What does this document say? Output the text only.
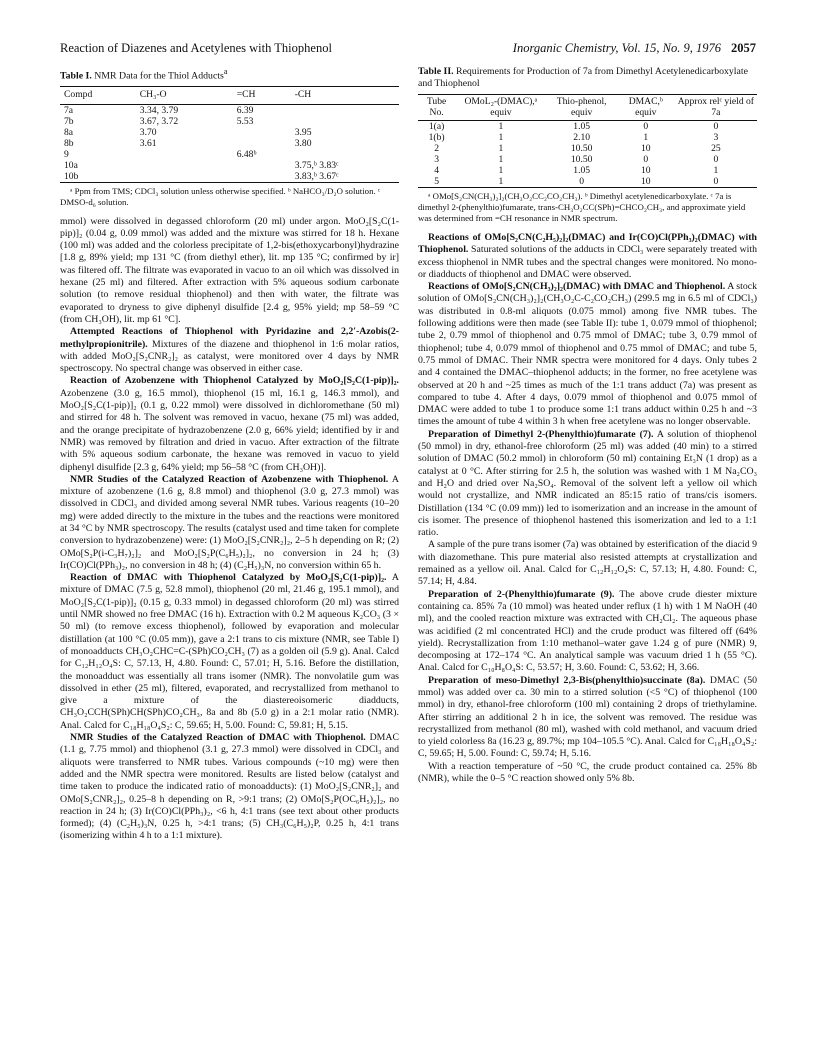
Reaction of Diazenes and Acetylenes with Thiophenol	Inorganic Chemistry, Vol. 15, No. 9, 1976 2057
Table I. NMR Data for the Thiol Adducts$^a$
Compd	CH₃-O	=CH	-CH
7a	3.34, 3.79	6.39	
7b	3.67, 3.72	5.53	
8a	3.70		3.95
8b	3.61		3.80
9		6.48ᵇ	
10a			3.75,ᵇ 3.83ᶜ
10b			3.83,ᵇ 3.67ᶜ
ᵃ Ppm from TMS; CDCl₃ solution unless otherwise specified. ᵇ NaHCO₃/D₂O solution. ᶜ DMSO-d₆ solution.

mmol) were dissolved in degassed chloroform (20 ml) under argon. MoO₂[S₂C(1-pip)]₂ (0.04 g, 0.09 mmol) was added and the mixture was stirred for 18 h. Hexane (100 ml) was added and the colorless precipitate of 1,2-bis(ethoxycarbonyl)hydrazine [1.8 g, 89% yield; mp 131 °C (from diethyl ether), lit. mp 135 °C; confirmed by ir] was filtered off. The filtrate was evaporated in vacuo to an oil which was dissolved in hexane (25 ml) and filtered. After extraction with 5% aqueous sodium carbonate solution (to remove residual thiophenol) and then with water, the filtrate was evaporated to dryness to give diphenyl disulfide [2.4 g, 95% yield; mp 58–59 °C (from CH₃OH), lit. mp 61 °C].

Attempted Reactions of Thiophenol with Pyridazine and 2,2′-Azobis(2-methylpropionitrile). Mixtures of the diazene and thiophenol in 1:6 molar ratios, with added MoO₂[S₂CNR₂]₂ as catalyst, were monitored over 4 days by NMR spectroscopy. No spectral change was observed in either case.

Reaction of Azobenzene with Thiophenol Catalyzed by MoO₂[S₂C(1-pip)]₂. Azobenzene (3.0 g, 16.5 mmol), thiophenol (15 ml, 16.1 g, 146.3 mmol), and MoO₂[S₂C(1-pip)]₂ (0.1 g, 0.22 mmol) were dissolved in dichloromethane (50 ml) and stirred for 48 h. The solvent was removed in vacuo, hexane (75 ml) was added, and the orange precipitate of hydrazobenzene (2.0 g, 66% yield; identified by ir and NMR) was removed by filtration and dried in vacuo. After extraction of the filtrate with 5% aqueous sodium carbonate, the hexane was removed in vacuo to yield diphenyl disulfide [2.3 g, 64% yield; mp 56–58 °C (from CH₃OH)].

NMR Studies of the Catalyzed Reaction of Azobenzene with Thiophenol. A mixture of azobenzene (1.6 g, 8.8 mmol) and thiophenol (3.0 g, 27.3 mmol) was dissolved in CDCl₃ and divided among several NMR tubes. Various reagents (10–20 mg) were added directly to the mixture in the tubes and the reactions were monitored at 34 °C by NMR spectroscopy. The results (catalyst used and time taken for complete conversion to hydrazobenzene) were: (1) MoO₂[S₂CNR₂]₂, 2–5 h depending on R; (2) OMo[S₂P(i-C₃H₇)₂]₂ and MoO₂[S₂P(C₆H₅)₂]₂, no conversion in 24 h; (3) Ir(CO)Cl(PPh₃)₂, no conversion in 48 h; (4) (C₂H₅)₃N, no conversion within 65 h.

Reaction of DMAC with Thiophenol Catalyzed by MoO₂[S₂C(1-pip)]₂. A mixture of DMAC (7.5 g, 52.8 mmol), thiophenol (20 ml, 21.46 g, 195.1 mmol), and MoO₂[S₂C(1-pip)]₂ (0.15 g, 0.33 mmol) in degassed chloroform (20 ml) was stirred until NMR showed no free DMAC (16 h). Extraction with 0.2 M aqueous K₂CO₃ (3 × 50 ml) (to remove excess thiophenol), followed by evaporation and molecular distillation (at 100 °C (0.05 mm)), gave a 2:1 trans to cis mixture (NMR, see Table I) of monoadducts CH₃O₂CHC=C-(SPh)CO₂CH₃ (7) as a golden oil (5.9 g). Anal. Calcd for C₁₂H₁₂O₄S: C, 57.13, H, 4.80. Found: C, 57.01; H, 5.16. Before the distillation, the monoadduct was essentially all trans isomer (NMR). The nonvolatile gum was dissolved in ether (25 ml), filtered, evaporated, and recrystallized from methanol to give a mixture of the diastereoisomeric diadducts, CH₃O₂CCH(SPh)CH(SPh)CO₂CH₃, 8a and 8b (5.0 g) in a 2:1 molar ratio (NMR). Anal. Calcd for C₁₈H₁₈O₄S₂: C, 59.65; H, 5.00. Found: C, 59.81; H, 5.15.

NMR Studies of the Catalyzed Reaction of DMAC with Thiophenol. DMAC (1.1 g, 7.75 mmol) and thiophenol (3.1 g, 27.3 mmol) were dissolved in CDCl₃ and aliquots were transferred to NMR tubes. Various compounds (~10 mg) were then added and the NMR spectra were monitored. Results are listed below (catalyst and time taken to produce the indicated ratio of monoadducts): (1) MoO₂[S₂CNR₂]₂ and OMo[S₂CNR₂]₂, 0.25–8 h depending on R, >9:1 trans; (2) OMo[S₂P(OC₆H₅)₂]₂, no reaction in 24 h; (3) Ir(CO)Cl(PPh₃)₂, <6 h, 4:1 trans (see text about other products formed); (4) (C₂H₅)₃N, 0.25 h, >4:1 trans; (5) CH₃(C₆H₅)₂P, 0.25 h, 4:1 trans (isomerizing within 4 h to a 1:1 mixture).

Table II. Requirements for Production of 7a from Dimethyl Acetylenedicarboxylate and Thiophenol
Tube No.	OMoL₂-(DMAC),ᵃ equiv	Thio-phenol, equiv	DMAC,ᵇ equiv	Approx relᶜ yield of 7a
1(a)	1	1.05	0	0
1(b)	1	2.10	1	3
2	1	10.50	10	25
3	1	10.50	0	0
4	1	1.05	10	1
5	1	0	10	0
ᵃ OMo[S₂CN(CH₃)₂]₂(CH₃O₂CC₂CO₂CH₃). ᵇ Dimethyl acetylenedicarboxylate. ᶜ 7a is dimethyl 2-(phenylthio)fumarate, trans-CH₃O₂CC(SPh)=CHCO₂CH₃, and approximate yield was determined from =CH resonance in NMR spectrum.

Reactions of OMo[S₂CN(C₂H₅)₂]₂(DMAC) and Ir(CO)Cl(PPh₃)₂(DMAC) with Thiophenol. Saturated solutions of the adducts in CDCl₃ were separately treated with excess thiophenol in NMR tubes and the spectral changes were monitored. No mono- or diadducts of thiophenol and DMAC were observed.

Reactions of OMo[S₂CN(CH₃)₂]₂(DMAC) with DMAC and Thiophenol. A stock solution of OMo[S₂CN(CH₃)₂]₂(CH₃O₂C-C₂CO₂CH₃) (299.5 mg in 6.5 ml of CDCl₃) was distributed in 0.8-ml aliquots (0.075 mmol) among five NMR tubes. The following additions were then made (see Table II): tube 1, 0.079 mmol of thiophenol; tube 2, 0.79 mmol of thiophenol and 0.75 mmol of DMAC; tube 3, 0.79 mmol of thiophenol; tube 4, 0.079 mmol of thiophenol and 0.75 mmol of DMAC; and tube 5, 0.75 mmol of DMAC. Their NMR spectra were monitored for 4 days. Only tubes 2 and 4 contained the DMAC–thiophenol adducts; in the former, no free acetylene was observed at 20 h and ~25 times as much of the 1:1 trans adduct (7a) was present as compared to tube 4. After 4 days, 0.079 mmol of thiophenol and 0.075 mmol of DMAC were added to tube 1 to produce some 1:1 trans adduct within 0.25 h and ~3 times the amount of tube 4 within 3 h when free acetylene was no longer observable.

Preparation of Dimethyl 2-(Phenylthio)fumarate (7). A solution of thiophenol (50 mmol) in dry, ethanol-free chloroform (25 ml) was added (40 min) to a stirred solution of DMAC (50.2 mmol) in chloroform (50 ml) containing Et₃N (1 drop) as a catalyst at 0 °C. After stirring for 2.5 h, the solution was washed with 1 M Na₂CO₃ and H₂O and dried over Na₂SO₄. Removal of the solvent left a yellow oil which would not crystallize, and NMR indicated an 85:15 ratio of trans/cis isomers. Distillation (134 °C (0.09 mm)) led to isomerization and an increase in the amount of cis isomer. The presence of thiophenol hastened this isomerization and led to a 1:1 ratio.

A sample of the pure trans isomer (7a) was obtained by esterification of the diacid 9 with diazomethane. This pure material also resisted attempts at crystallization and remained as a yellow oil. Anal. Calcd for C₁₂H₁₂O₄S: C, 57.13; H, 4.80. Found: C, 57.14; H, 4.84.

Preparation of 2-(Phenylthio)fumarate (9). The above crude diester mixture containing ca. 85% 7a (10 mmol) was heated under reflux (1 h) with 1 M NaOH (40 ml), and the cooled reaction mixture was extracted with CH₂Cl₂. The aqueous phase was acidified (2 ml concentrated HCl) and the crude product was filtered off (64% yield). Recrystallization from 1:10 methanol–water gave 1.24 g of pure (NMR) 9, decomposing at 172–174 °C. An analytical sample was vacuum dried 1 h (55 °C). Anal. Calcd for C₁₀H₈O₄S: C, 53.57; H, 3.60. Found: C, 53.62; H, 3.66.

Preparation of meso-Dimethyl 2,3-Bis(phenylthio)succinate (8a). DMAC (50 mmol) was added over ca. 30 min to a stirred solution (<5 °C) of thiophenol (100 mmol) in dry, ethanol-free chloroform (100 ml) containing 2 drops of triethylamine. After stirring an additional 2 h in ice, the solvent was removed. The residue was recrystallized from methanol (80 ml), washed with cold methanol, and vacuum dried to yield colorless 8a (16.23 g, 89.7%; mp 104–105.5 °C). Anal. Calcd for C₁₈H₁₈O₄S₂: C, 59.65; H, 5.00. Found: C, 59.74; H, 5.16.

With a reaction temperature of ~50 °C, the crude product contained ca. 25% 8b (NMR), while the 0–5 °C reaction showed only 5% 8b.
